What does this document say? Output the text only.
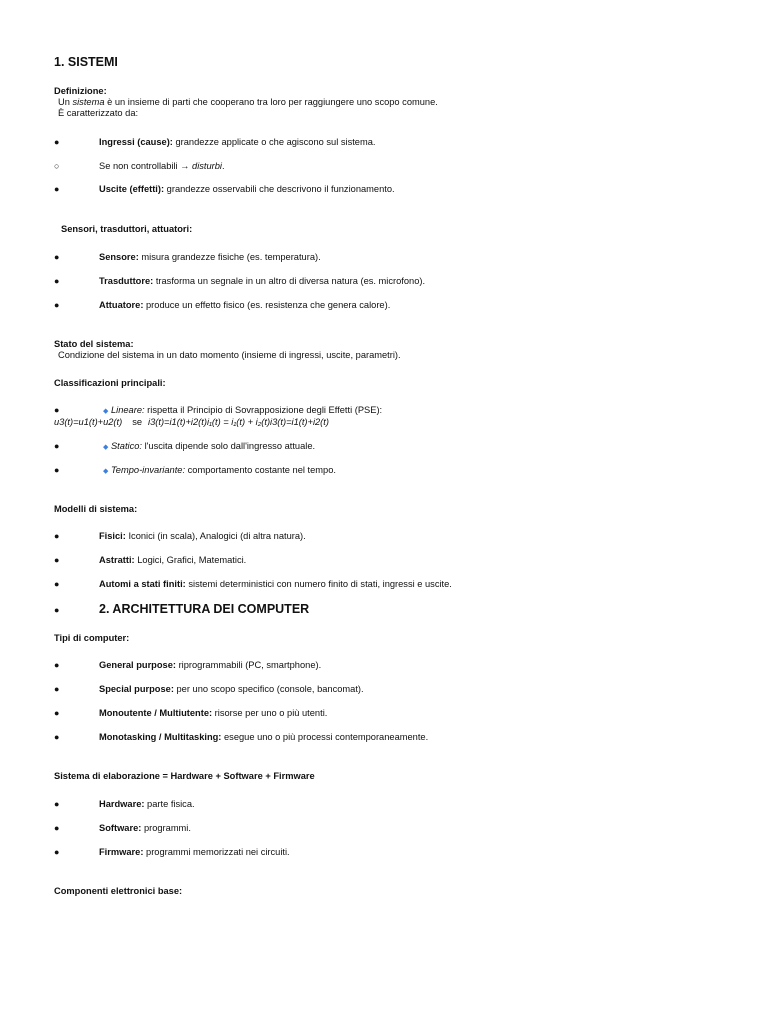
1. SISTEMI
Definizione:
Un sistema è un insieme di parti che cooperano tra loro per raggiungere uno scopo comune.
È caratterizzato da:
●	Ingressi (cause): grandezze applicate o che agiscono sul sistema.
○	Se non controllabili → disturbi.
●	Uscite (effetti): grandezze osservabili che descrivono il funzionamento.
Sensori, trasduttori, attuatori:
●	Sensore: misura grandezze fisiche (es. temperatura).
●	Trasduttore: trasforma un segnale in un altro di diversa natura (es. microfono).
●	Attuatore: produce un effetto fisico (es. resistenza che genera calore).
Stato del sistema:
Condizione del sistema in un dato momento (insieme di ingressi, uscite, parametri).
Classificazioni principali:
●	◆ Lineare: rispetta il Principio di Sovrapposizione degli Effetti (PSE):
u3(t)=u1(t)+u2(t) se i3(t)=i1(t)+i2(t)i₁(t) = i₁(t) + i₂(t)i3(t)=i1(t)+i2(t)
●	◆ Statico: l'uscita dipende solo dall'ingresso attuale.
●	◆ Tempo-invariante: comportamento costante nel tempo.
Modelli di sistema:
●	Fisici: Iconici (in scala), Analogici (di altra natura).
●	Astratti: Logici, Grafici, Matematici.
●	Automi a stati finiti: sistemi deterministici con numero finito di stati, ingressi e uscite.
●	2. ARCHITETTURA DEI COMPUTER
Tipi di computer:
●	General purpose: riprogrammabili (PC, smartphone).
●	Special purpose: per uno scopo specifico (console, bancomat).
●	Monoutente / Multiutente: risorse per uno o più utenti.
●	Monotasking / Multitasking: esegue uno o più processi contemporaneamente.
Sistema di elaborazione = Hardware + Software + Firmware
●	Hardware: parte fisica.
●	Software: programmi.
●	Firmware: programmi memorizzati nei circuiti.
Componenti elettronici base:
